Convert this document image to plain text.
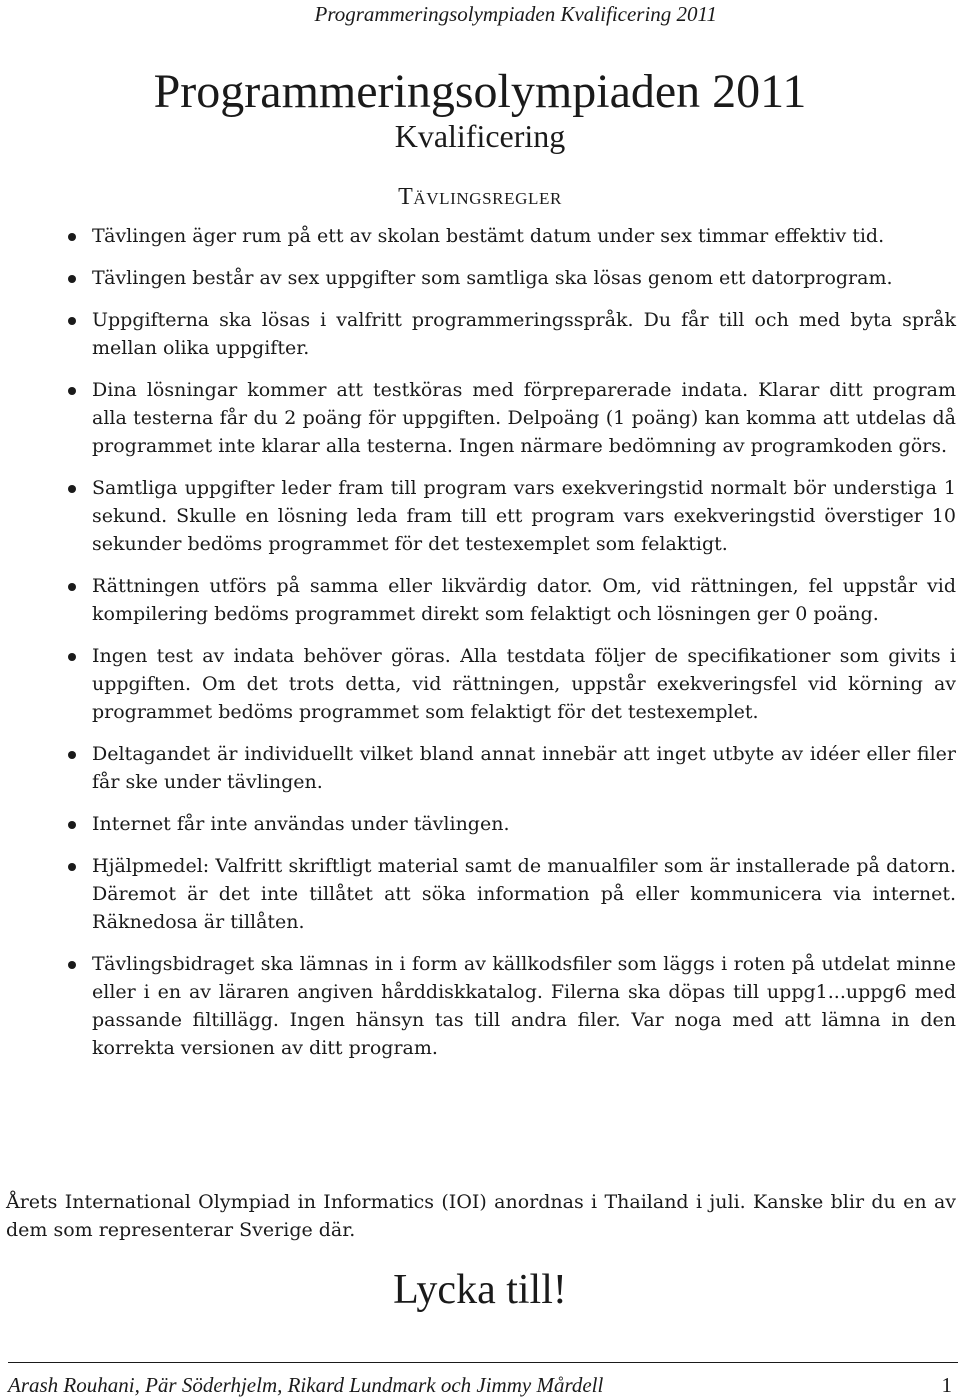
Programmeringsolympiaden Kvalificering 2011
Programmeringsolympiaden 2011
Kvalificering
Tävlingsregler
Tävlingen äger rum på ett av skolan bestämt datum under sex timmar effektiv tid.
Tävlingen består av sex uppgifter som samtliga ska lösas genom ett datorprogram.
Uppgifterna ska lösas i valfritt programmeringsspråk. Du får till och med byta språk mellan olika uppgifter.
Dina lösningar kommer att testköras med förpreparerade indata. Klarar ditt program alla testerna får du 2 poäng för uppgiften. Delpoäng (1 poäng) kan komma att utdelas då programmet inte klarar alla testerna. Ingen närmare bedömning av programkoden görs.
Samtliga uppgifter leder fram till program vars exekveringstid normalt bör understiga 1 sekund. Skulle en lösning leda fram till ett program vars exekveringstid överstiger 10 sekunder bedöms programmet för det testexemplet som felaktigt.
Rättningen utförs på samma eller likvärdig dator. Om, vid rättningen, fel uppstår vid kompilering bedöms programmet direkt som felaktigt och lösningen ger 0 poäng.
Ingen test av indata behöver göras. Alla testdata följer de specifikationer som givits i uppgiften. Om det trots detta, vid rättningen, uppstår exekveringsfel vid körning av programmet bedöms programmet som felaktigt för det testexemplet.
Deltagandet är individuellt vilket bland annat innebär att inget utbyte av idéer eller filer får ske under tävlingen.
Internet får inte användas under tävlingen.
Hjälpmedel: Valfritt skriftligt material samt de manualfiler som är installerade på datorn. Däremot är det inte tillåtet att söka information på eller kommunicera via internet. Räknedosa är tillåten.
Tävlingsbidraget ska lämnas in i form av källkodsfiler som läggs i roten på utdelat minne eller i en av läraren angiven hårddiskkatalog. Filerna ska döpas till uppg1...uppg6 med passande filtillägg. Ingen hänsyn tas till andra filer. Var noga med att lämna in den korrekta versionen av ditt program.

Årets International Olympiad in Informatics (IOI) anordnas i Thailand i juli. Kanske blir du en av dem som representerar Sverige där.

Lycka till!
Arash Rouhani, Pär Söderhjelm, Rikard Lundmark och Jimmy Mårdell	1
